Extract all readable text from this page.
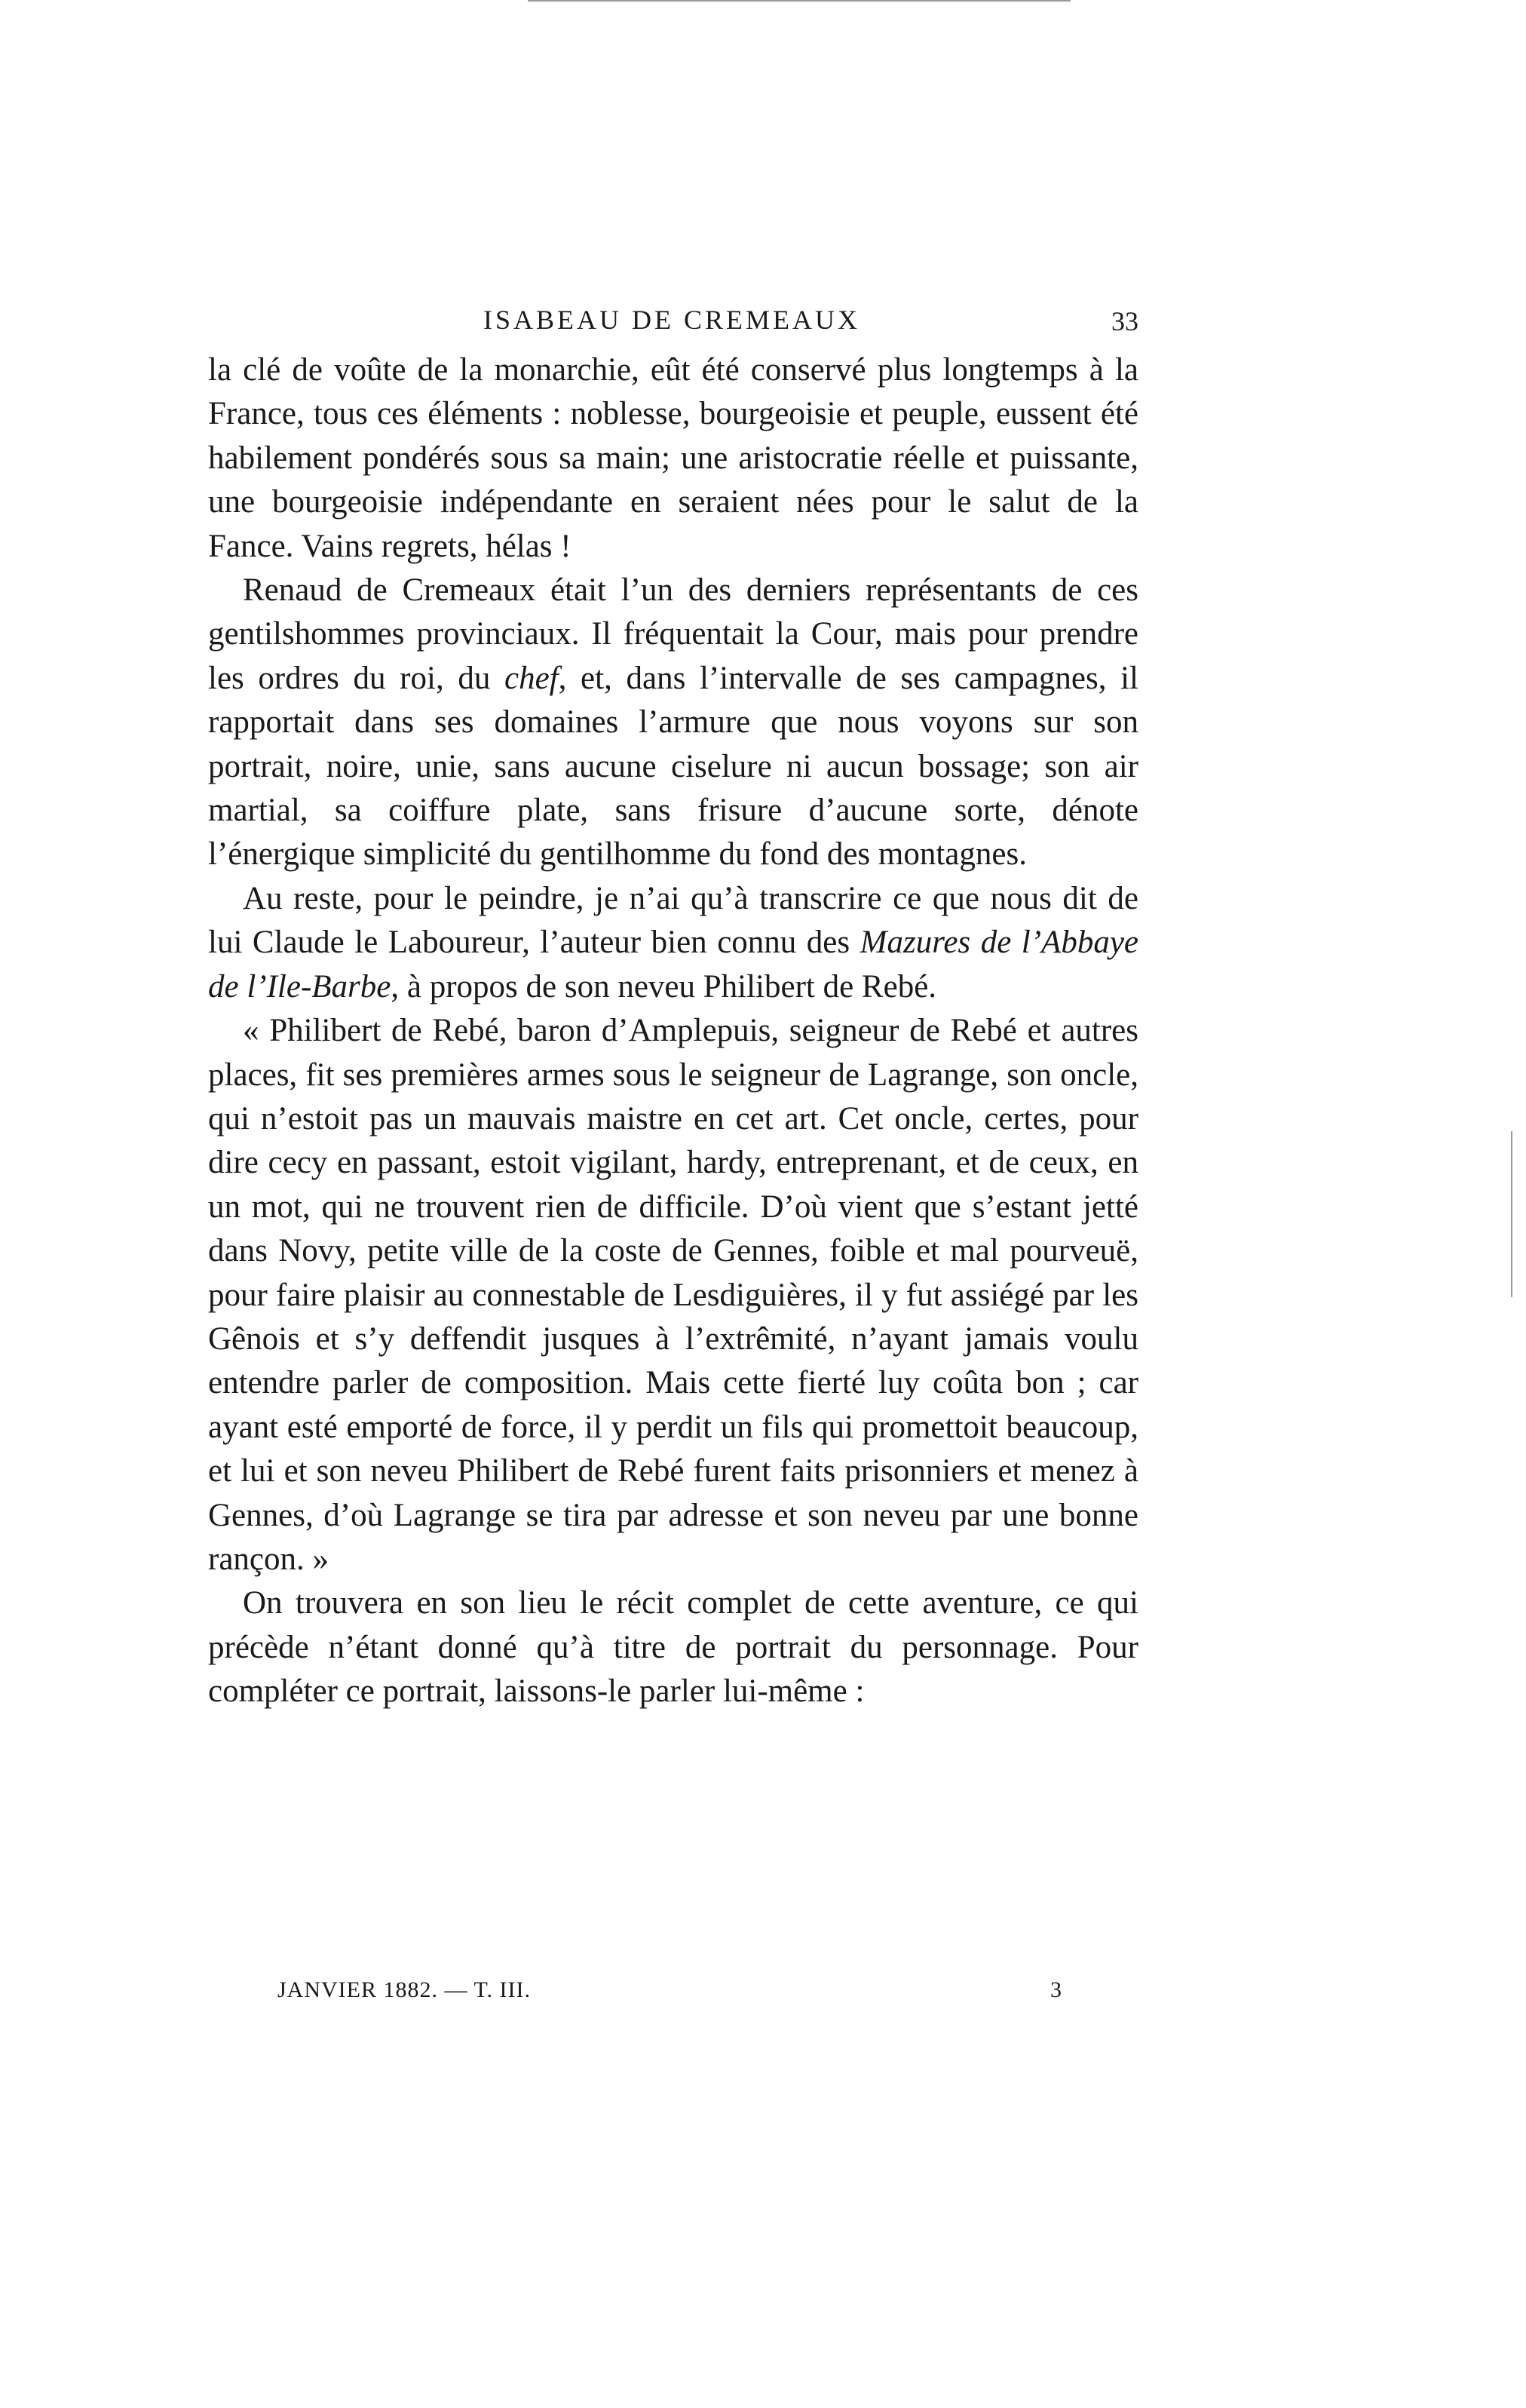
ISABEAU DE CREMEAUX	33

la clé de voûte de la monarchie, eût été conservé plus longtemps à la France, tous ces éléments : noblesse, bourgeoisie et peuple, eussent été habilement pondérés sous sa main; une aristocratie réelle et puissante, une bourgeoisie indépendante en seraient nées pour le salut de la Fance. Vains regrets, hélas !

Renaud de Cremeaux était l’un des derniers représentants de ces gentilshommes provinciaux. Il fréquentait la Cour, mais pour prendre les ordres du roi, du chef, et, dans l’intervalle de ses campagnes, il rapportait dans ses domaines l’armure que nous voyons sur son portrait, noire, unie, sans aucune ciselure ni aucun bossage; son air martial, sa coiffure plate, sans frisure d’aucune sorte, dénote l’énergique simplicité du gentilhomme du fond des montagnes.

Au reste, pour le peindre, je n’ai qu’à transcrire ce que nous dit de lui Claude le Laboureur, l’auteur bien connu des Mazures de l’Abbaye de l’Ile-Barbe, à propos de son neveu Philibert de Rebé.

« Philibert de Rebé, baron d’Amplepuis, seigneur de Rebé et autres places, fit ses premières armes sous le seigneur de Lagrange, son oncle, qui n’estoit pas un mauvais maistre en cet art. Cet oncle, certes, pour dire cecy en passant, estoit vigilant, hardy, entreprenant, et de ceux, en un mot, qui ne trouvent rien de difficile. D’où vient que s’estant jetté dans Novy, petite ville de la coste de Gennes, foible et mal pourveuë, pour faire plaisir au connestable de Lesdiguières, il y fut assiégé par les Gênois et s’y deffendit jusques à l’extrêmité, n’ayant jamais voulu entendre parler de composition. Mais cette fierté luy coûta bon ; car ayant esté emporté de force, il y perdit un fils qui promettoit beaucoup, et lui et son neveu Philibert de Rebé furent faits prisonniers et menez à Gennes, d’où Lagrange se tira par adresse et son neveu par une bonne rançon. »

On trouvera en son lieu le récit complet de cette aventure, ce qui précède n’étant donné qu’à titre de portrait du personnage. Pour compléter ce portrait, laissons-le parler lui-même :

JANVIER 1882. — T. III.	3
